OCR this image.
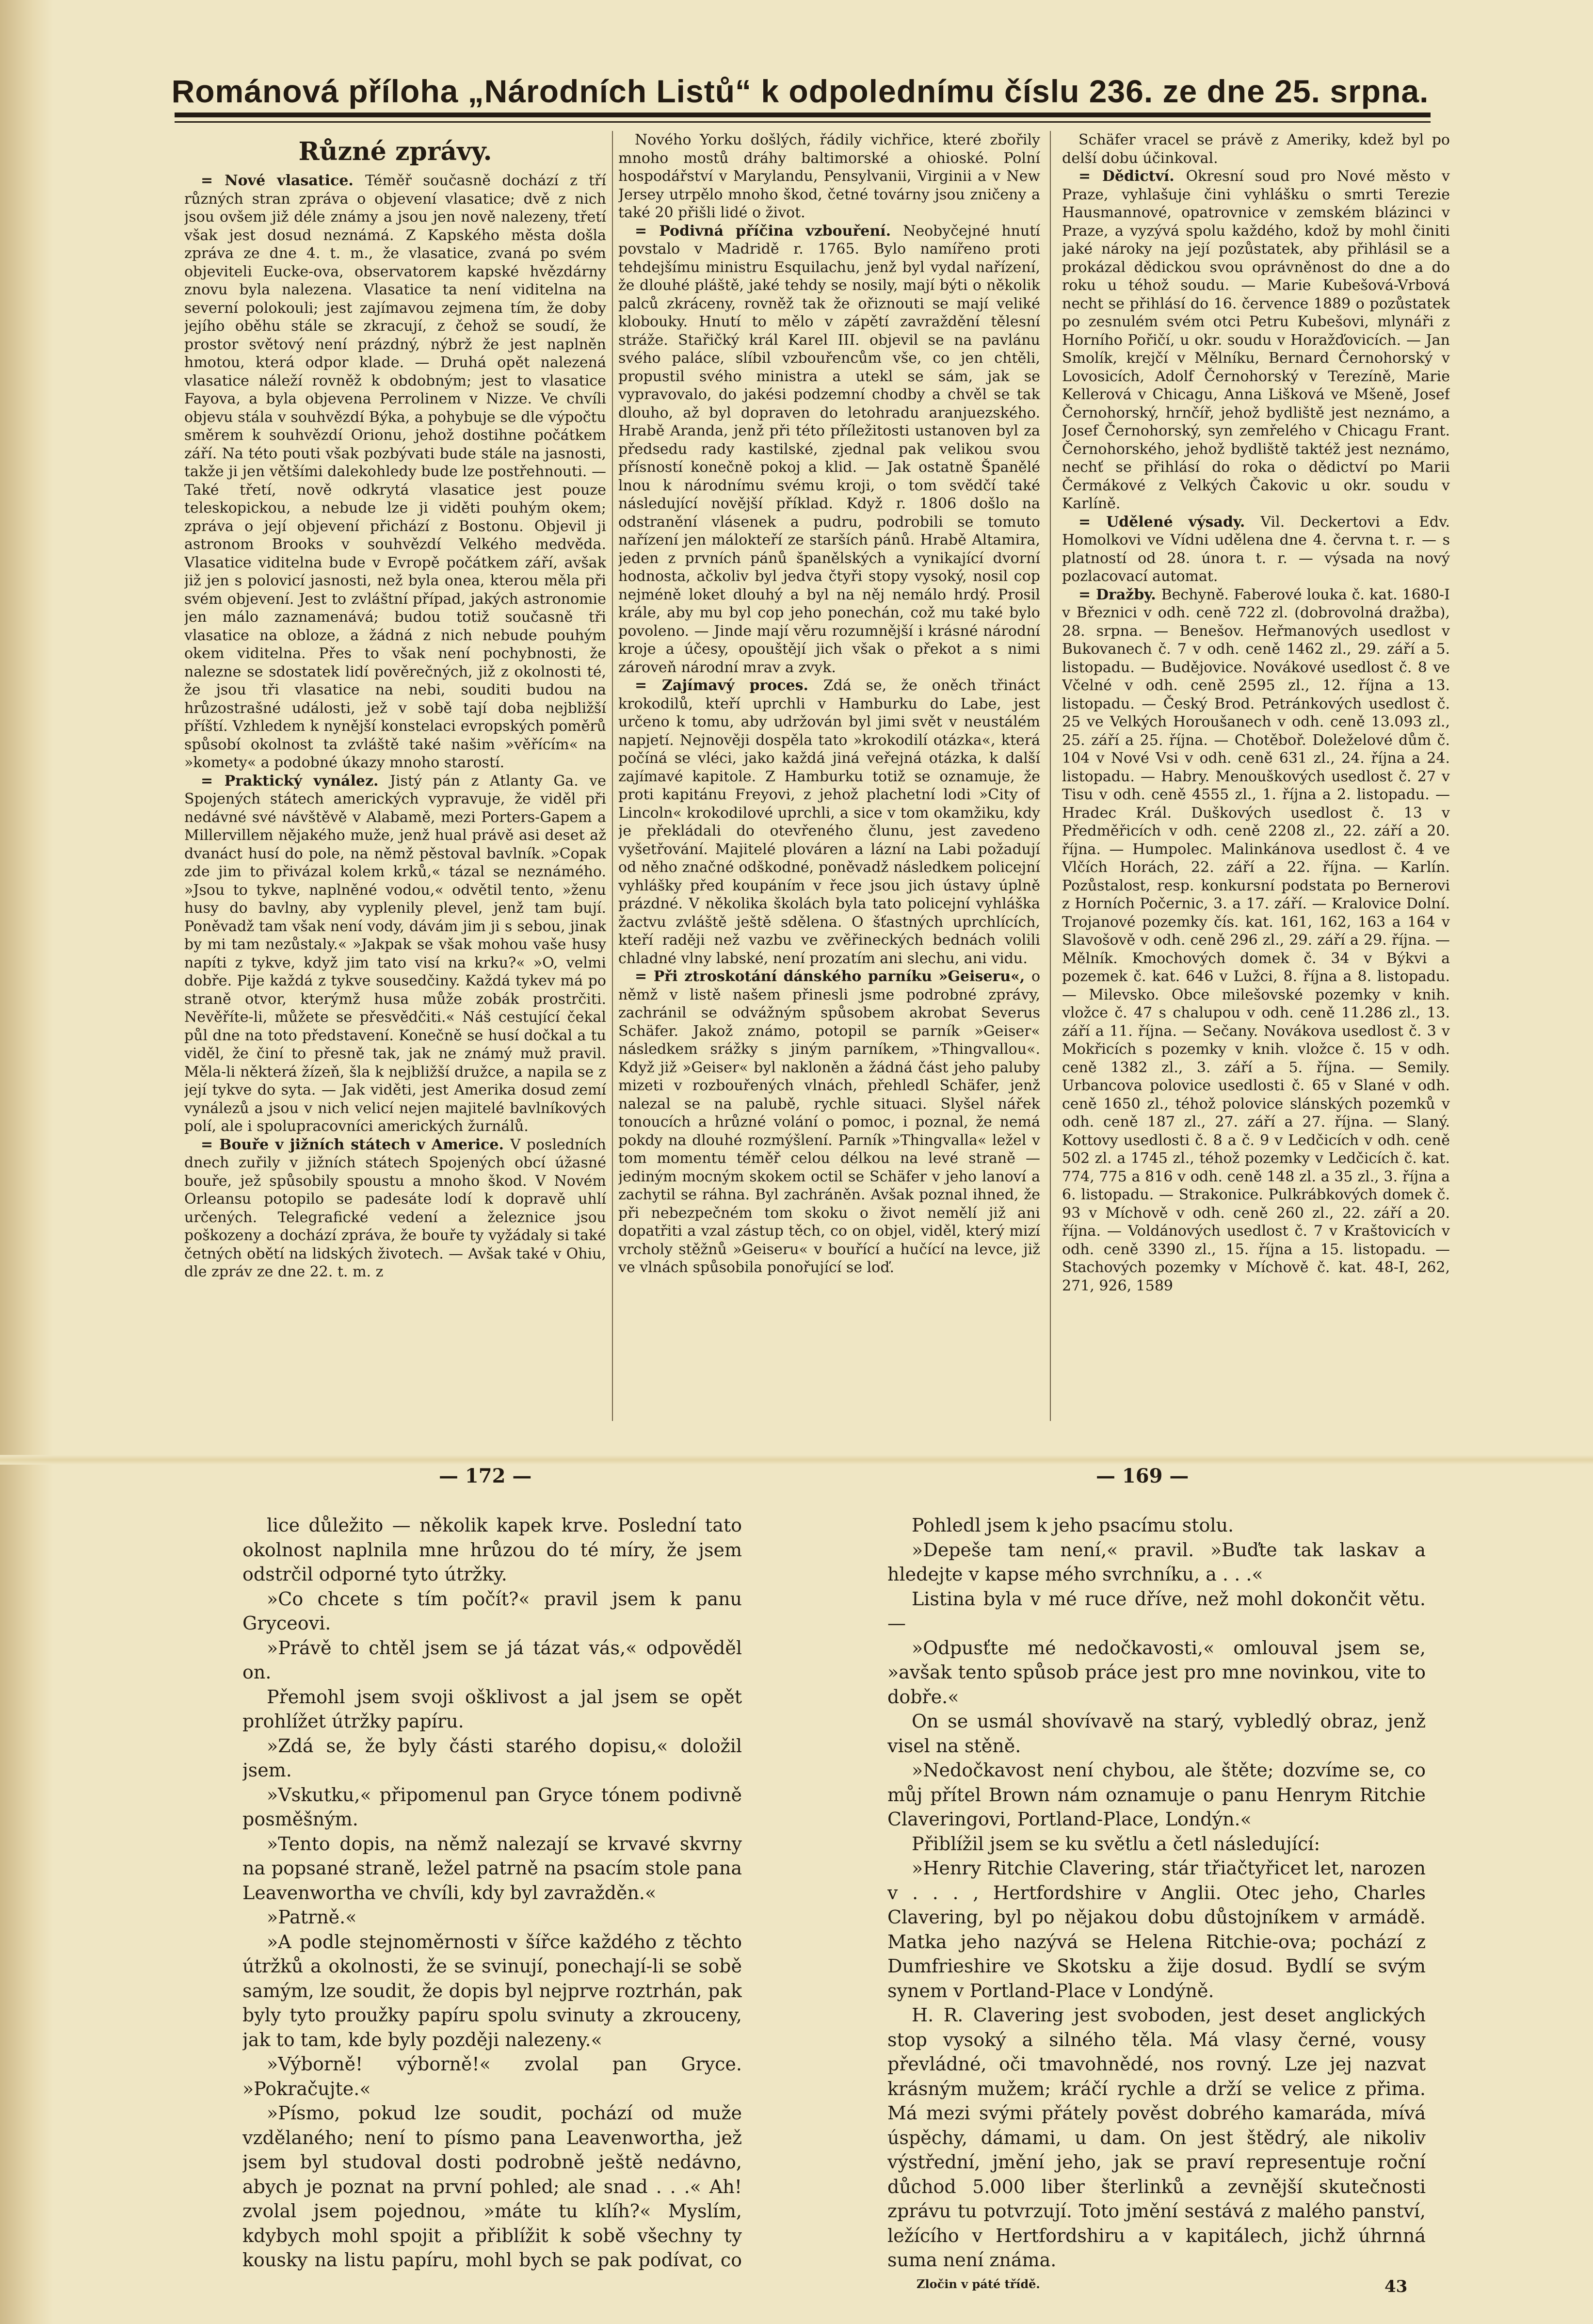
Románová příloha „Národních Listů“ k odpolednímu číslu 236. ze dne 25. srpna.
Různé zprávy.

= Nové vlasatice. Téměř současně dochází z tří různých stran zpráva o objevení vlasatice; dvě z nich jsou ovšem již déle známy a jsou jen nově nalezeny, třetí však jest dosud neznámá. Z Kapského města došla zpráva ze dne 4. t. m., že vlasatice, zvaná po svém objeviteli Eucke-ova, observatorem kapské hvězdárny znovu byla nalezena. Vlasatice ta není viditelna na severní polokouli; jest zajímavou zejmena tím, že doby jejího oběhu stále se zkracují, z čehož se soudí, že prostor světový není prázdný, nýbrž že jest naplněn hmotou, která odpor klade. — Druhá opět nalezená vlasatice náleží rovněž k obdobným; jest to vlasatice Fayova, a byla objevena Perrolinem v Nizze. Ve chvíli objevu stála v souhvězdí Býka, a pohybuje se dle výpočtu směrem k souhvězdí Orionu, jehož dostihne počátkem září. Na této pouti však pozbývati bude stále na jasnosti, takže ji jen většími dalekohledy bude lze postřehnouti. — Také třetí, nově odkrytá vlasatice jest pouze teleskopickou, a nebude lze ji viděti pouhým okem; zpráva o její objevení přichází z Bostonu. Objevil ji astronom Brooks v souhvězdí Velkého medvěda. Vlasatice viditelna bude v Evropě počátkem září, avšak již jen s polovicí jasnosti, než byla onea, kterou měla při svém objevení. Jest to zvláštní případ, jakých astronomie jen málo zaznamenává; budou totiž současně tři vlasatice na obloze, a žádná z nich nebude pouhým okem viditelna. Přes to však není pochybnosti, že nalezne se sdostatek lidí pověrečných, již z okolnosti té, že jsou tři vlasatice na nebi, souditi budou na hrůzostrašné události, jež v sobě tají doba nejbližší příští. Vzhledem k nynější konstelaci evropských poměrů spůsobí okolnost ta zvláště také našim »věřícím« na »komety« a podobné úkazy mnoho starostí.

= Praktický vynález. Jistý pán z Atlanty Ga. ve Spojených státech amerických vypravuje, že viděl při nedávné své návštěvě v Alabamě, mezi Porters-Gapem a Millervillem nějakého muže, jenž hual právě asi deset až dvanáct husí do pole, na němž pěstoval bavlník. »Copak zde jim to přivázal kolem krků,« tázal se neznámého. »Jsou to tykve, naplněné vodou,« odvětil tento, »ženu husy do bavlny, aby vyplenily plevel, jenž tam bují. Poněvadž tam však není vody, dávám jim ji s sebou, jinak by mi tam nezůstaly.« »Jakpak se však mohou vaše husy napíti z tykve, když jim tato visí na krku?« »O, velmi dobře. Pije každá z tykve sousedčiny. Každá tykev má po straně otvor, kterýmž husa může zobák prostrčiti. Nevěříte-li, můžete se přesvědčiti.« Náš cestující čekal půl dne na toto představení. Konečně se husí dočkal a tu viděl, že činí to přesně tak, jak ne známý muž pravil. Měla-li některá žízeň, šla k nejbližší družce, a napila se z její tykve do syta. — Jak viděti, jest Amerika dosud zemí vynálezů a jsou v nich velicí nejen majitelé bavlníkových polí, ale i spolupracovníci amerických žurnálů.

= Bouře v jižních státech v Americe. V posledních dnech zuřily v jižních státech Spojených obcí úžasné bouře, jež spůsobily spoustu a mnoho škod. V Novém Orleansu potopilo se padesáte lodí k dopravě uhlí určených. Telegrafické vedení a železnice jsou poškozeny a dochází zpráva, že bouře ty vyžádaly si také četných obětí na lidských životech. — Avšak také v Ohiu, dle zpráv ze dne 22. t. m. z

Nového Yorku došlých, řádily vichřice, které zbořily mnoho mostů dráhy baltimorské a ohioské. Polní hospodářství v Marylandu, Pensylvanii, Virginii a v New Jersey utrpělo mnoho škod, četné továrny jsou zničeny a také 20 přišli lidé o život.

= Podivná příčina vzbouření. Neobyčejné hnutí povstalo v Madridě r. 1765. Bylo namířeno proti tehdejšímu ministru Esquilachu, jenž byl vydal nařízení, že dlouhé pláště, jaké tehdy se nosily, mají býti o několik palců zkráceny, rovněž tak že ořiznouti se mají veliké klobouky. Hnutí to mělo v zápětí zavraždění tělesní stráže. Stařičký král Karel III. objevil se na pavlánu svého paláce, slíbil vzbouřencům vše, co jen chtěli, propustil svého ministra a utekl se sám, jak se vypravovalo, do jakési podzemní chodby a chvěl se tak dlouho, až byl dopraven do letohradu aranjuezského. Hrabě Aranda, jenž při této příležitosti ustanoven byl za předsedu rady kastilské, zjednal pak velikou svou přísností konečně pokoj a klid. — Jak ostatně Španělé lnou k národnímu svému kroji, o tom svědčí také následující novější příklad. Když r. 1806 došlo na odstranění vlásenek a pudru, podrobili se tomuto nařízení jen málokteří ze starších pánů. Hrabě Altamira, jeden z prvních pánů španělských a vynikající dvorní hodnosta, ačkoliv byl jedva čtyři stopy vysoký, nosil cop nejméně loket dlouhý a byl na něj nemálo hrdý. Prosil krále, aby mu byl cop jeho ponechán, což mu také bylo povoleno. — Jinde mají věru rozumnější i krásné národní kroje a účesy, opouštějí jich však o překot a s nimi zároveň národní mrav a zvyk.

= Zajímavý proces. Zdá se, že oněch třináct krokodilů, kteří uprchli v Hamburku do Labe, jest určeno k tomu, aby udržován byl jimi svět v neustálém napjetí. Nejnověji dospěla tato »krokodilí otázka«, která počíná se vléci, jako každá jiná veřejná otázka, k další zajímavé kapitole. Z Hamburku totiž se oznamuje, že proti kapitánu Freyovi, z jehož plachetní lodi »City of Lincoln« krokodilové uprchli, a sice v tom okamžiku, kdy je překládali do otevřeného člunu, jest zavedeno vyšetřování. Majitelé plováren a lázní na Labi požadují od něho značné odškodné, poněvadž následkem policejní vyhlášky před koupáním v řece jsou jich ústavy úplně prázdné. V několika školách byla tato policejní vyhláška žactvu zvláště ještě sdělena. O šťastných uprchlících, kteří raději než vazbu ve zvěřineckých bednách volili chladné vlny labské, není prozatím ani slechu, ani vidu.

= Při ztroskotání dánského parníku »Geiseru«, o němž v listě našem přinesli jsme podrobné zprávy, zachránil se odvážným spůsobem akrobat Severus Schäfer. Jakož známo, potopil se parník »Geiser« následkem srážky s jiným parníkem, »Thingvallou«. Když již »Geiser« byl nakloněn a žádná část jeho paluby mizeti v rozbouřených vlnách, přehledl Schäfer, jenž nalezal se na palubě, rychle situaci. Slyšel nářek tonoucích a hrůzné volání o pomoc, i poznal, že nemá pokdy na dlouhé rozmýšlení. Parník »Thingvalla« ležel v tom momentu téměř celou délkou na levé straně — jediným mocným skokem octil se Schäfer v jeho lanoví a zachytil se ráhna. Byl zachráněn. Avšak poznal ihned, že při nebezpečném tom skoku o život nemělí již ani dopatřiti a vzal zástup těch, co on objel, viděl, který mizí vrcholy stěžnů »Geiseru« v bouřící a hučící na levce, již ve vlnách spůsobila ponořující se loď.

Schäfer vracel se právě z Ameriky, kdež byl po delší dobu účinkoval.

= Dědictví. Okresní soud pro Nové město v Praze, vyhlašuje čini vyhlášku o smrti Terezie Hausmannové, opatrovnice v zemském blázinci v Praze, a vyzývá spolu každého, kdož by mohl činiti jaké nároky na její pozůstatek, aby přihlásil se a prokázal dědickou svou oprávněnost do dne a do roku u téhož soudu. — Marie Kubešová-Vrbová necht se přihlásí do 16. července 1889 o pozůstatek po zesnulém svém otci Petru Kubešovi, mlynáři z Horního Pořičí, u okr. soudu v Horažďovicích. — Jan Smolík, krejčí v Mělníku, Bernard Černohorský v Lovosicích, Adolf Černohorský v Terezíně, Marie Kellerová v Chicagu, Anna Lišková ve Mšeně, Josef Černohorský, hrnčíř, jehož bydliště jest neznámo, a Josef Černohorský, syn zemřelého v Chicagu Frant. Černohorského, jehož bydliště taktéž jest neznámo, nechť se přihlásí do roka o dědictví po Marii Čermákové z Velkých Čakovic u okr. soudu v Karlíně.

= Udělené výsady. Vil. Deckertovi a Edv. Homolkovi ve Vídni udělena dne 4. června t. r. — s platností od 28. února t. r. — výsada na nový pozlacovací automat.

= Dražby. Bechyně. Faberové louka č. kat. 1680-I v Březnici v odh. ceně 722 zl. (dobrovolná dražba), 28. srpna. — Benešov. Heřmanových usedlost v Bukovanech č. 7 v odh. ceně 1462 zl., 29. září a 5. listopadu. — Budějovice. Novákové usedlost č. 8 ve Včelné v odh. ceně 2595 zl., 12. října a 13. listopadu. — Český Brod. Petránkových usedlost č. 25 ve Velkých Horoušanech v odh. ceně 13.093 zl., 25. září a 25. října. — Chotěboř. Doleželové dům č. 104 v Nové Vsi v odh. ceně 631 zl., 24. října a 24. listopadu. — Habry. Menouškových usedlost č. 27 v Tisu v odh. ceně 4555 zl., 1. října a 2. listopadu. — Hradec Král. Duškových usedlost č. 13 v Předměřicích v odh. ceně 2208 zl., 22. září a 20. října. — Humpolec. Malinkánova usedlost č. 4 ve Vlčích Horách, 22. září a 22. října. — Karlín. Pozůstalost, resp. konkursní podstata po Bernerovi z Horních Počernic, 3. a 17. září. — Kralovice Dolní. Trojanové pozemky čís. kat. 161, 162, 163 a 164 v Slavošově v odh. ceně 296 zl., 29. září a 29. října. — Mělník. Kmochových domek č. 34 v Býkvi a pozemek č. kat. 646 v Lužci, 8. října a 8. listopadu. — Milevsko. Obce milešovské pozemky v knih. vložce č. 47 s chalupou v odh. ceně 11.286 zl., 13. září a 11. října. — Sečany. Novákova usedlost č. 3 v Mokřicích s pozemky v knih. vložce č. 15 v odh. ceně 1382 zl., 3. září a 5. října. — Semily. Urbancova polovice usedlosti č. 65 v Slané v odh. ceně 1650 zl., téhož polovice slánských pozemků v odh. ceně 187 zl., 27. září a 27. října. — Slaný. Kottovy usedlosti č. 8 a č. 9 v Ledčicích v odh. ceně 502 zl. a 1745 zl., téhož pozemky v Ledčicích č. kat. 774, 775 a 816 v odh. ceně 148 zl. a 35 zl., 3. října a 6. listopadu. — Strakonice. Pulkrábkových domek č. 93 v Míchově v odh. ceně 260 zl., 22. září a 20. října. — Voldánových usedlost č. 7 v Kraštovicích v odh. ceně 3390 zl., 15. října a 15. listopadu. — Stachových pozemky v Míchově č. kat. 48-I, 262, 271, 926, 1589

— 172 —	— 169 —

lice důležito — několik kapek krve. Poslední tato okolnost naplnila mne hrůzou do té míry, že jsem odstrčil odporné tyto útržky.

»Co chcete s tím počít?« pravil jsem k panu Gryceovi.

»Právě to chtěl jsem se já tázat vás,« odpověděl on.

Přemohl jsem svoji ošklivost a jal jsem se opět prohlížet útržky papíru.

»Zdá se, že byly části starého dopisu,« doložil jsem.

»Vskutku,« připomenul pan Gryce tónem podivně posměšným.

»Tento dopis, na němž nalezají se krvavé skvrny na popsané straně, ležel patrně na psacím stole pana Leavenwortha ve chvíli, kdy byl zavražděn.«

»Patrně.«

»A podle stejnoměrnosti v šířce každého z těchto útržků a okolnosti, že se svinují, ponechají-li se sobě samým, lze soudit, že dopis byl nejprve roztrhán, pak byly tyto proužky papíru spolu svinuty a zkrouceny, jak to tam, kde byly později nalezeny.«

»Výborně! výborně!« zvolal pan Gryce. »Pokračujte.«

»Písmo, pokud lze soudit, pochází od muže vzdělaného; není to písmo pana Leavenwortha, jež jsem byl studoval dosti podrobně ještě nedávno, abych je poznat na první pohled; ale snad . . .« Ah! zvolal jsem pojednou, »máte tu klíh?« Myslím, kdybych mohl spojit a přiblížit k sobě všechny ty kousky na listu papíru, mohl bych se pak podívat, co

Pohledl jsem k jeho psacímu stolu.

»Depeše tam není,« pravil. »Buďte tak laskav a hledejte v kapse mého svrchníku, a . . .«

Listina byla v mé ruce dříve, než mohl dokončit větu. —

»Odpusťte mé nedočkavosti,« omlouval jsem se, »avšak tento spůsob práce jest pro mne novinkou, vite to dobře.«

On se usmál shovívavě na starý, vybledlý obraz, jenž visel na stěně.

»Nedočkavost není chybou, ale štěte; dozvíme se, co můj přítel Brown nám oznamuje o panu Henrym Ritchie Claveringovi, Portland-Place, Londýn.«

Přiblížil jsem se ku světlu a četl následující:

»Henry Ritchie Clavering, stár třiačtyřicet let, narozen v . . . , Hertfordshire v Anglii. Otec jeho, Charles Clavering, byl po nějakou dobu důstojníkem v armádě. Matka jeho nazývá se Helena Ritchie-ova; pochází z Dumfrieshire ve Skotsku a žije dosud. Bydlí se svým synem v Portland-Place v Londýně.

H. R. Clavering jest svoboden, jest deset anglických stop vysoký a silného těla. Má vlasy černé, vousy převládné, oči tmavohnědé, nos rovný. Lze jej nazvat krásným mužem; kráčí rychle a drží se velice z přima. Má mezi svými přátely pověst dobrého kamaráda, mívá úspěchy, dámami, u dam. On jest štědrý, ale nikoliv výstřední, jmění jeho, jak se praví representuje roční důchod 5.000 liber šterlinků a zevnější skutečnosti zprávu tu potvrzují. Toto jmění sestává z malého panství, ležícího v Hertfordshiru a v kapitálech, jichž úhrnná suma není známa.

Zločin v páté třídě.	43
